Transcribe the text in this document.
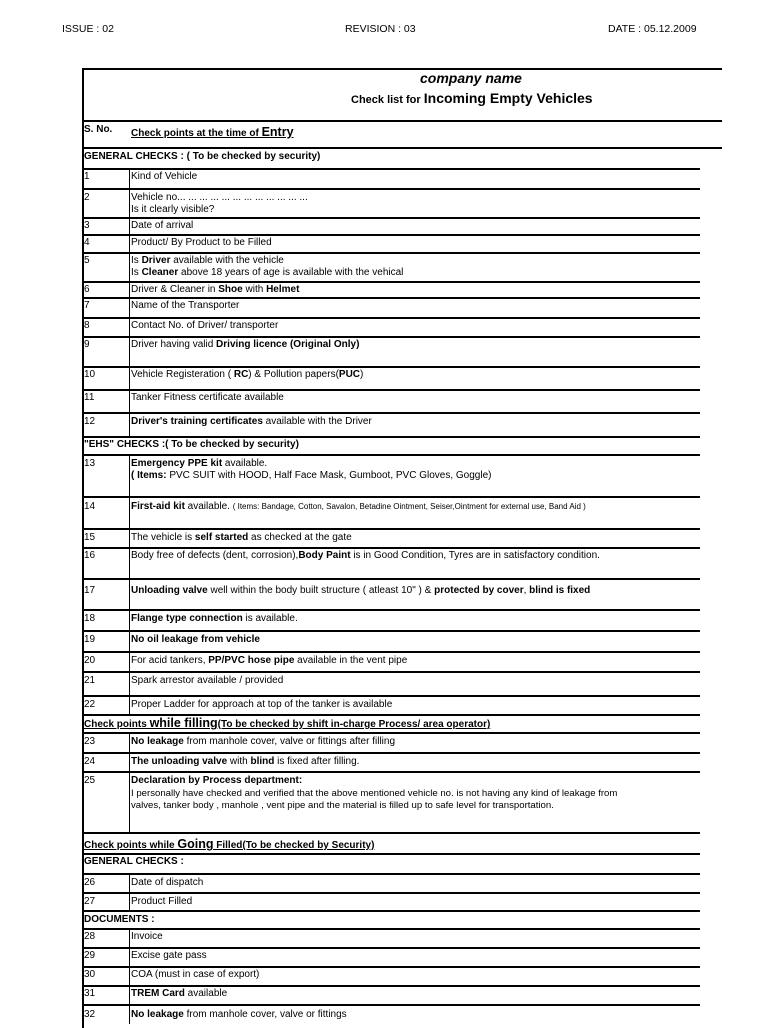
ISSUE : 02	REVISION : 03	DATE : 05.12.2009
company name
Check list for Incoming Empty Vehicles
S. No. Check points at the time of Entry
GENERAL CHECKS : ( To be checked by security)
1	Kind of Vehicle
2	Vehicle no... ... ... ... ... ... ... ... ... ... ... ...
Is it clearly visible?
3	Date of arrival
4	Product/ By Product to be Filled
5	Is Driver available with the vehicle
Is Cleaner above 18 years of age is available with the vehical
6	Driver & Cleaner in Shoe with Helmet
7	Name of the Transporter
8	Contact No. of Driver/ transporter
9	Driver having valid Driving licence (Original Only)
10	Vehicle Registeration ( RC) & Pollution papers(PUC)
11	Tanker Fitness certificate available
12	Driver's training certificates available with the Driver
"EHS" CHECKS :( To be checked by security)
13	Emergency PPE kit available.
( Items: PVC SUIT with HOOD, Half Face Mask, Gumboot, PVC Gloves, Goggle)
14	First-aid kit available. ( Items: Bandage, Cotton, Savalon, Betadine Ointment, Seiser,Ointment for external use, Band Aid )
15	The vehicle is self started as checked at the gate
16	Body free of defects (dent, corrosion),Body Paint is in Good Condition, Tyres are in satisfactory condition.
17	Unloading valve well within the body built structure ( atleast 10" ) & protected by cover, blind is fixed
18	Flange type connection is available.
19	No oil leakage from vehicle
20	For acid tankers, PP/PVC hose pipe available in the vent pipe
21	Spark arrestor available / provided
22	Proper Ladder for approach at top of the tanker is available
Check points while filling(To be checked by shift in-charge Process/ area operator)
23	No leakage from manhole cover, valve or fittings after filling
24	The unloading valve with blind is fixed after filling.
25	Declaration by Process department:
I personally have checked and verified that the above mentioned vehicle no. is not having any kind of leakage from
valves, tanker body , manhole , vent pipe and the material is filled up to safe level for transportation.
Check points while Going Filled(To be checked by Security)
GENERAL CHECKS :
26	Date of dispatch
27	Product Filled
DOCUMENTS :
28	Invoice
29	Excise gate pass
30	COA (must in case of export)
31	TREM Card available
32	No leakage from manhole cover, valve or fittings
